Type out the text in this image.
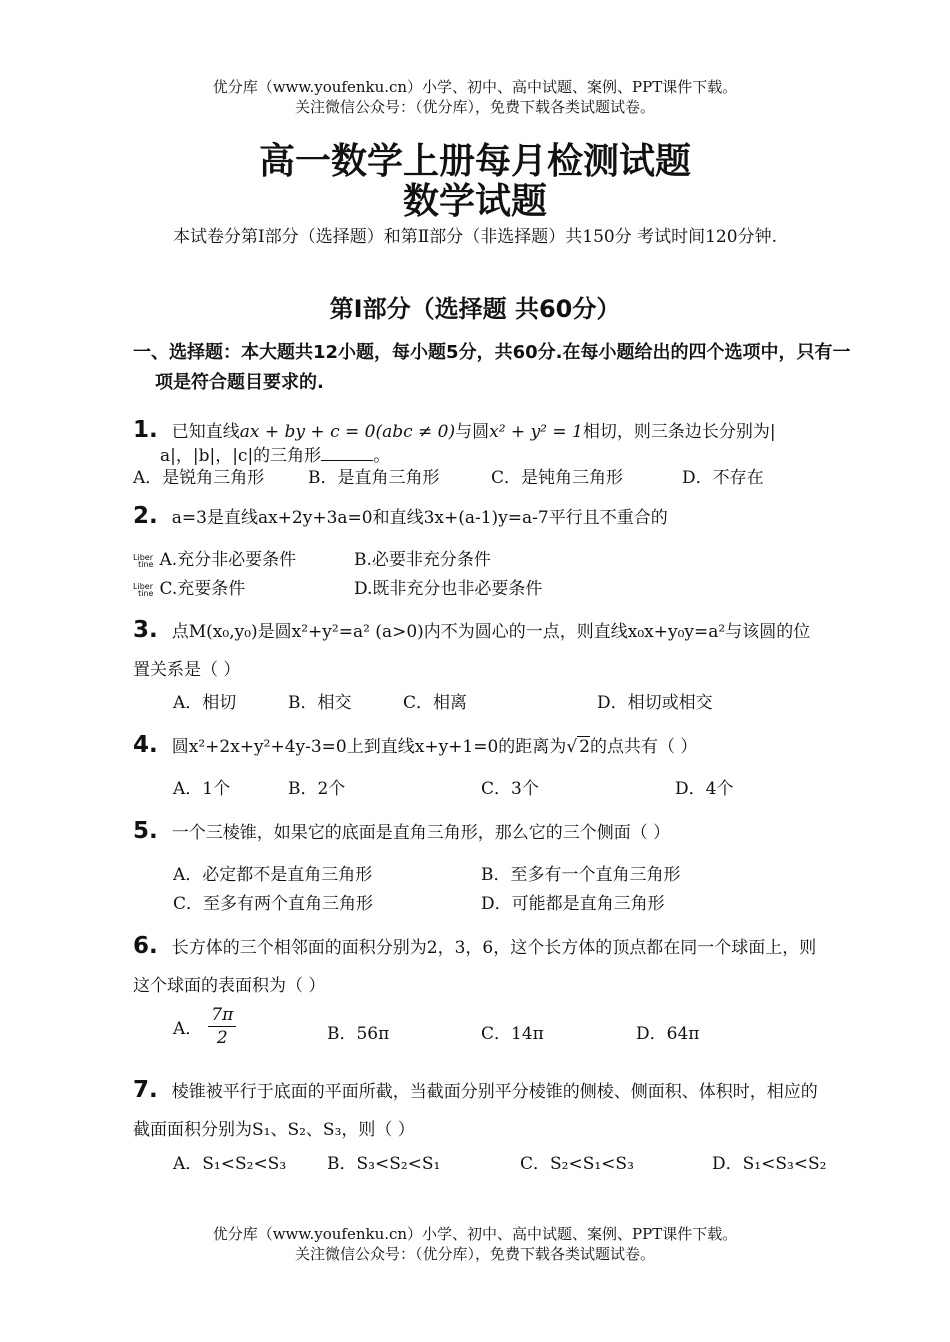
优分库（www.youfenku.cn）小学、初中、高中试题、案例、PPT课件下载。
关注微信公众号：（优分库），免费下载各类试题试卷。
高一数学上册每月检测试题
数学试题
本试卷分第Ⅰ部分（选择题）和第Ⅱ部分（非选择题）共150分 考试时间120分钟.
第Ⅰ部分（选择题 共60分）
一、选择题：本大题共12小题，每小题5分，共60分.在每小题给出的四个选项中，只有一项是符合题目要求的.
1. 已知直线ax + by + c = 0(abc ≠ 0)与圆x² + y² = 1相切，则三条边长分别为|
a|，|b|，|c|的三角形	。
A．是锐角三角形	B．是直角三角形	C．是钝角三角形	D．不存在
2. a=3是直线ax+2y+3a=0和直线3x+(a-1)y=a-7平行且不重合的
Liber
tine A.充分非必要条件	B.必要非充分条件
Liber
tine C.充要条件	D.既非充分也非必要条件
3. 点M(x₀,y₀)是圆x²+y²=a² (a>0)内不为圆心的一点，则直线x₀x+y₀y=a²与该圆的位置关系是（ ）
A．相切	B．相交	C．相离	D．相切或相交
4. 圆x²+2x+y²+4y-3=0上到直线x+y+1=0的距离为√ 2的点共有（ ）
A．1个	B．2个	C．3个	D．4个
5. 一个三棱锥，如果它的底面是直角三角形，那么它的三个侧面（ ）
A．必定都不是直角三角形	B．至多有一个直角三角形
C．至多有两个直角三角形	D．可能都是直角三角形
6. 长方体的三个相邻面的面积分别为2，3，6，这个长方体的顶点都在同一个球面上，则这个球面的表面积为（ ）
A． $\frac{7\pi}{2}$	B．56π	C．14π	D．64π
7. 棱锥被平行于底面的平面所截，当截面分别平分棱锥的侧棱、侧面积、体积时，相应的截面面积分别为S₁、S₂、S₃，则（ ）
A．S₁<S₂<S₃ B．S₃<S₂<S₁	C．S₂<S₁<S₃	D．S₁<S₃<S₂
优分库（www.youfenku.cn）小学、初中、高中试题、案例、PPT课件下载。
关注微信公众号：（优分库），免费下载各类试题试卷。
